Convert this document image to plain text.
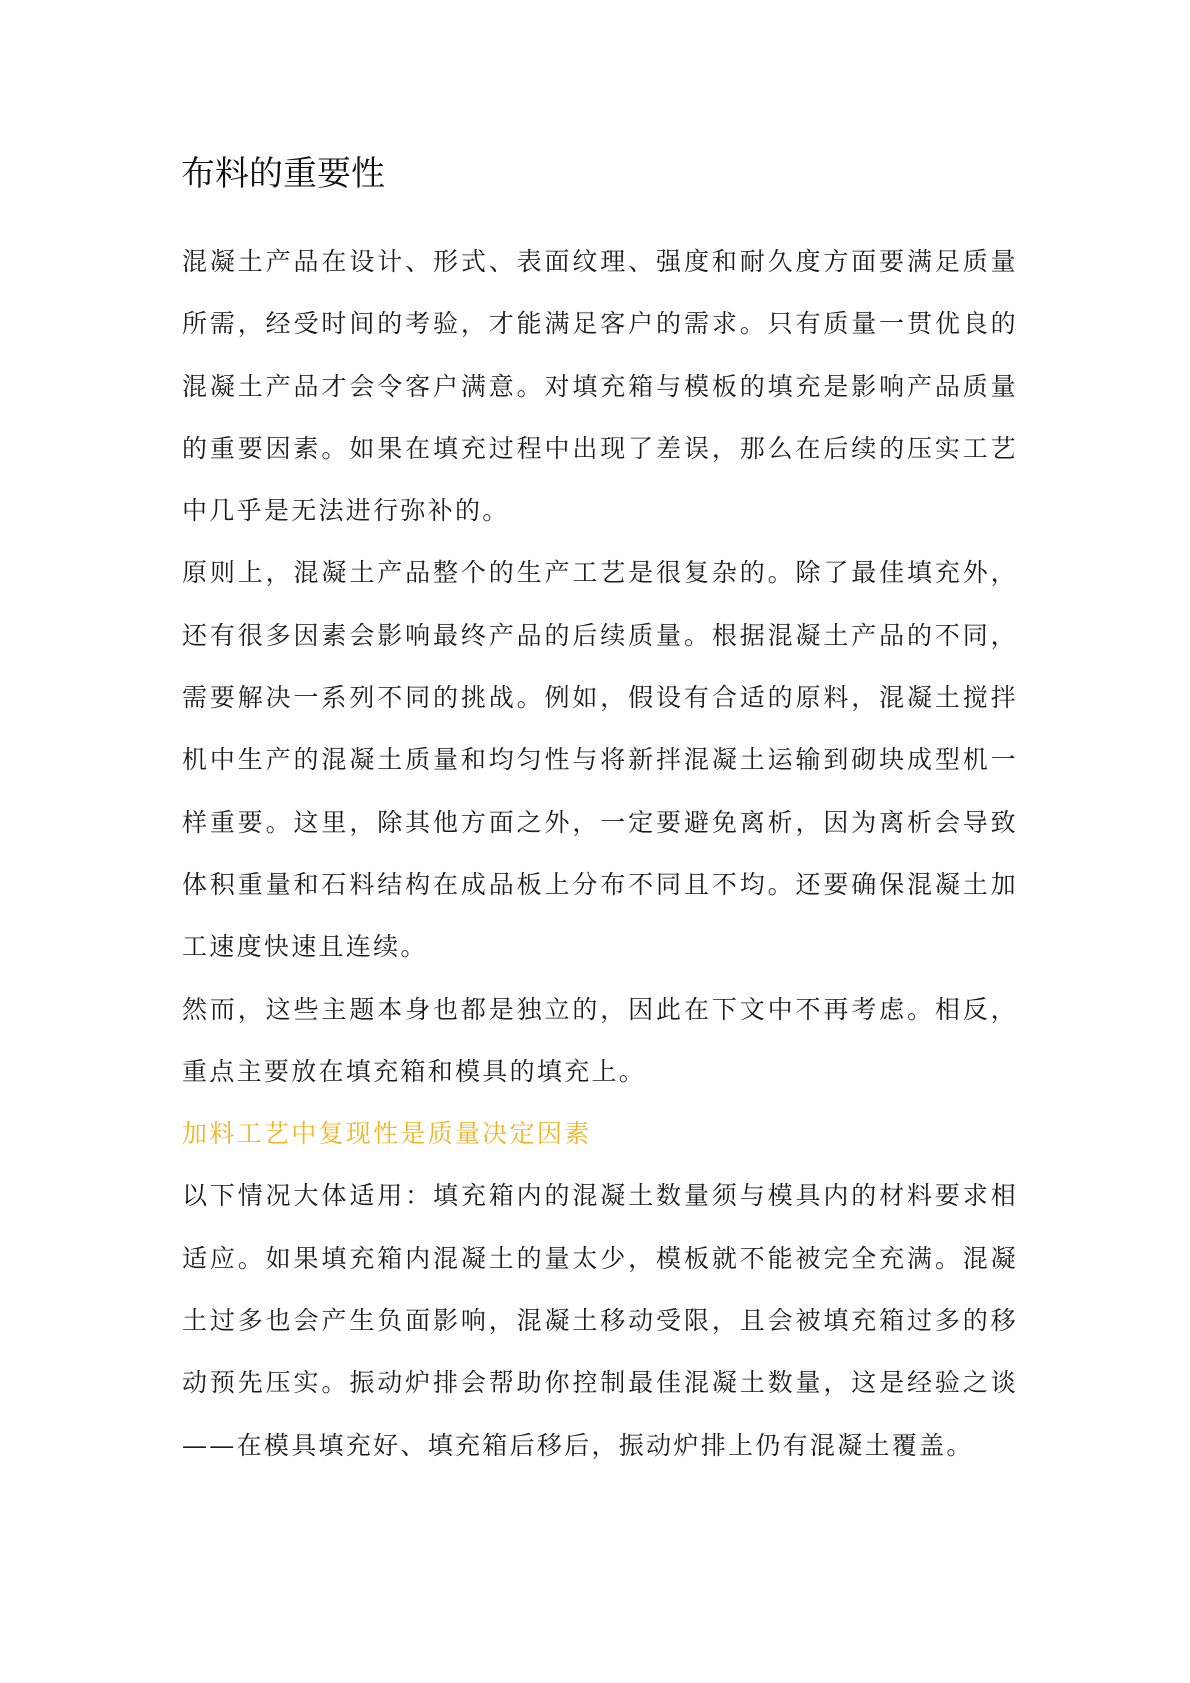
布料的重要性

混凝土产品在设计、形式、表面纹理、强度和耐久度方面要满足质量所需，经受时间的考验，才能满足客户的需求。只有质量一贯优良的混凝土产品才会令客户满意。对填充箱与模板的填充是影响产品质量的重要因素。如果在填充过程中出现了差误，那么在后续的压实工艺中几乎是无法进行弥补的。

原则上，混凝土产品整个的生产工艺是很复杂的。除了最佳填充外，还有很多因素会影响最终产品的后续质量。根据混凝土产品的不同，需要解决一系列不同的挑战。例如，假设有合适的原料，混凝土搅拌机中生产的混凝土质量和均匀性与将新拌混凝土运输到砌块成型机一样重要。这里，除其他方面之外，一定要避免离析，因为离析会导致体积重量和石料结构在成品板上分布不同且不均。还要确保混凝土加工速度快速且连续。

然而，这些主题本身也都是独立的，因此在下文中不再考虑。相反，重点主要放在填充箱和模具的填充上。

加料工艺中复现性是质量决定因素

以下情况大体适用：填充箱内的混凝土数量须与模具内的材料要求相适应。如果填充箱内混凝土的量太少，模板就不能被完全充满。混凝土过多也会产生负面影响，混凝土移动受限，且会被填充箱过多的移动预先压实。振动炉排会帮助你控制最佳混凝土数量，这是经验之谈——在模具填充好、填充箱后移后，振动炉排上仍有混凝土覆盖。
